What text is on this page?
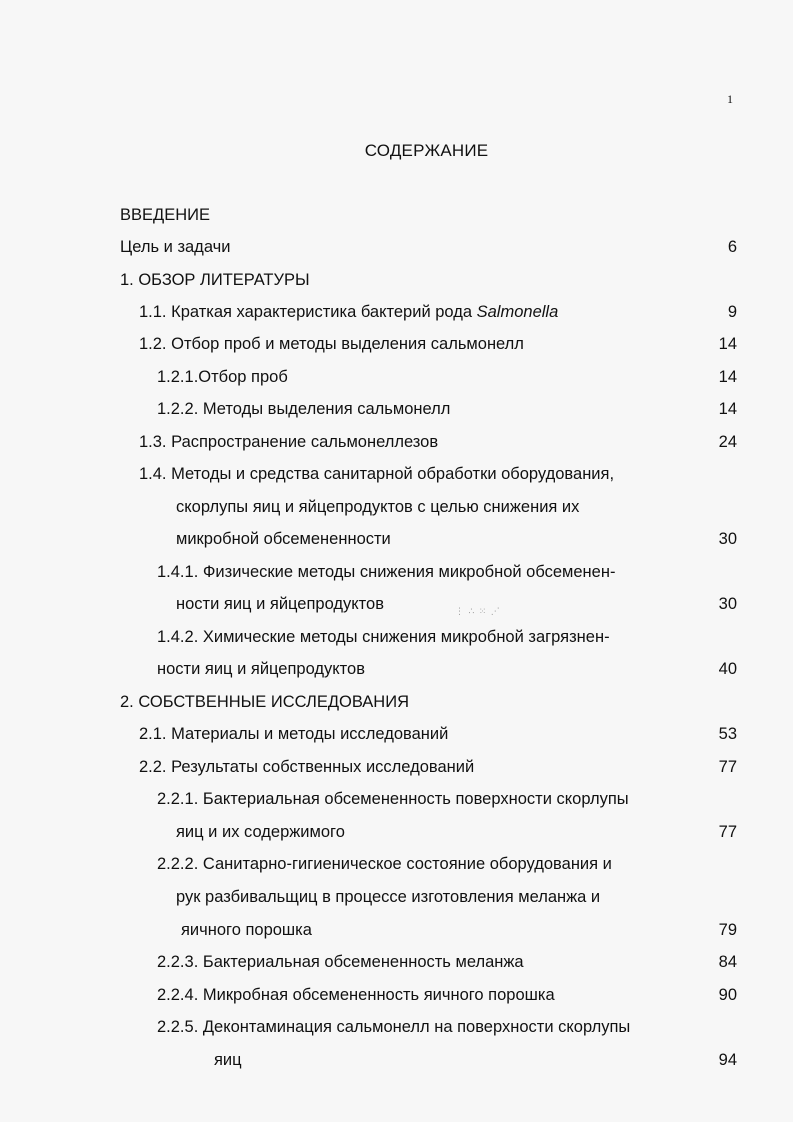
1
СОДЕРЖАНИЕ
ВВЕДЕНИЕ
Цель и задачи	6
1. ОБЗОР ЛИТЕРАТУРЫ
1.1. Краткая характеристика бактерий рода Salmonella	9
1.2. Отбор проб и методы выделения сальмонелл	14
1.2.1.Отбор проб	14
1.2.2. Методы выделения сальмонелл	14
1.3. Распространение сальмонеллезов	24
1.4. Методы и средства санитарной обработки оборудования,
скорлупы яиц и яйцепродуктов с целью снижения их
микробной обсемененности	30
1.4.1. Физические методы снижения микробной обсеменен-
ности яиц и яйцепродуктов	30
⋮ ∴ ⁙ ⋰
1.4.2. Химические методы снижения микробной загрязнен-
ности яиц и яйцепродуктов	40
2. СОБСТВЕННЫЕ ИССЛЕДОВАНИЯ
2.1. Материалы и методы исследований	53
2.2. Результаты собственных исследований	77
2.2.1. Бактериальная обсемененность поверхности скорлупы
яиц и их содержимого	77
2.2.2. Санитарно-гигиеническое состояние оборудования и
рук разбивальщиц в процессе изготовления меланжа и
яичного порошка	79
2.2.3. Бактериальная обсемененность меланжа	84
2.2.4. Микробная обсемененность яичного порошка	90
2.2.5. Деконтаминация сальмонелл на поверхности скорлупы
яиц	94
